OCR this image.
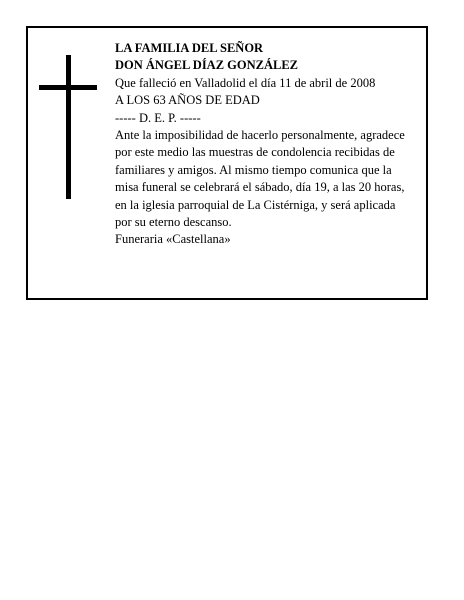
LA FAMILIA DEL SEÑOR

DON ÁNGEL DÍAZ GONZÁLEZ

Que falleció en Valladolid el día 11 de abril de 2008

A LOS 63 AÑOS DE EDAD

----- D. E. P. -----

Ante la imposibilidad de hacerlo personalmente, agradece por este medio las muestras de condolencia recibidas de familiares y amigos. Al mismo tiempo comunica que la misa funeral se celebrará el sábado, día 19, a las 20 horas, en la iglesia parroquial de La Cistérniga, y será aplicada por su eterno descanso.

Funeraria «Castellana»
